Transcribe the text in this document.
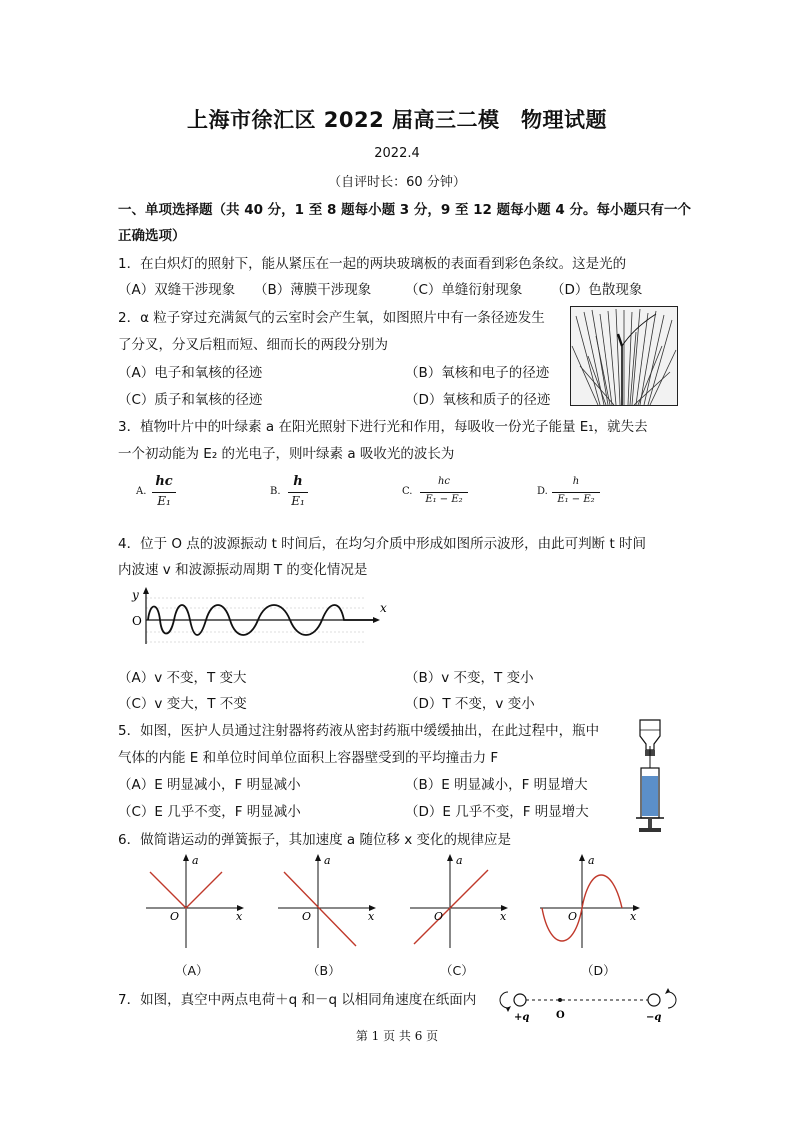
上海市徐汇区 2022 届高三二模　物理试题
2022.4
（自评时长：60 分钟）
一、单项选择题（共 40 分，1 至 8 题每小题 3 分，9 至 12 题每小题 4 分。每小题只有一个
正确选项）
1．在白炽灯的照射下，能从紧压在一起的两块玻璃板的表面看到彩色条纹。这是光的
（A）双缝干涉现象 （B）薄膜干涉现象 （C）单缝衍射现象 （D）色散现象
2．α 粒子穿过充满氮气的云室时会产生氧，如图照片中有一条径迹发生
了分叉，分叉后粗而短、细而长的两段分别为
（A）电子和氧核的径迹	（B）氧核和电子的径迹
（C）质子和氧核的径迹	（D）氧核和质子的径迹
3．植物叶片中的叶绿素 a 在阳光照射下进行光和作用，每吸收一份光子能量 E₁，就失去
一个初动能为 E₂ 的光电子，则叶绿素 a 吸收光的波长为
A.
hc
E₁
B.
h
E₁
C.
hc
E₁ − E₂
D.
h
E₁ − E₂
4．位于 O 点的波源振动 t 时间后，在均匀介质中形成如图所示波形，由此可判断 t 时间
内波速 v 和波源振动周期 T 的变化情况是
y
O
x
（A）v 不变，T 变大	（B）v 不变，T 变小
（C）v 变大，T 不变	（D）T 不变，v 变小
5．如图，医护人员通过注射器将药液从密封药瓶中缓缓抽出，在此过程中，瓶中
气体的内能 E 和单位时间单位面积上容器壁受到的平均撞击力 F
（A）E 明显减小，F 明显减小	（B）E 明显减小，F 明显增大
（C）E 几乎不变，F 明显减小	（D）E 几乎不变，F 明显增大
6．做简谐运动的弹簧振子，其加速度 a 随位移 x 变化的规律应是
a
O	x
a
O	x
a
O	x
a
O	x
（A）	（B）	（C）	（D）
7．如图，真空中两点电荷＋q 和－q 以相同角速度在纸面内
+q	O	−q
第 1 页 共 6 页
